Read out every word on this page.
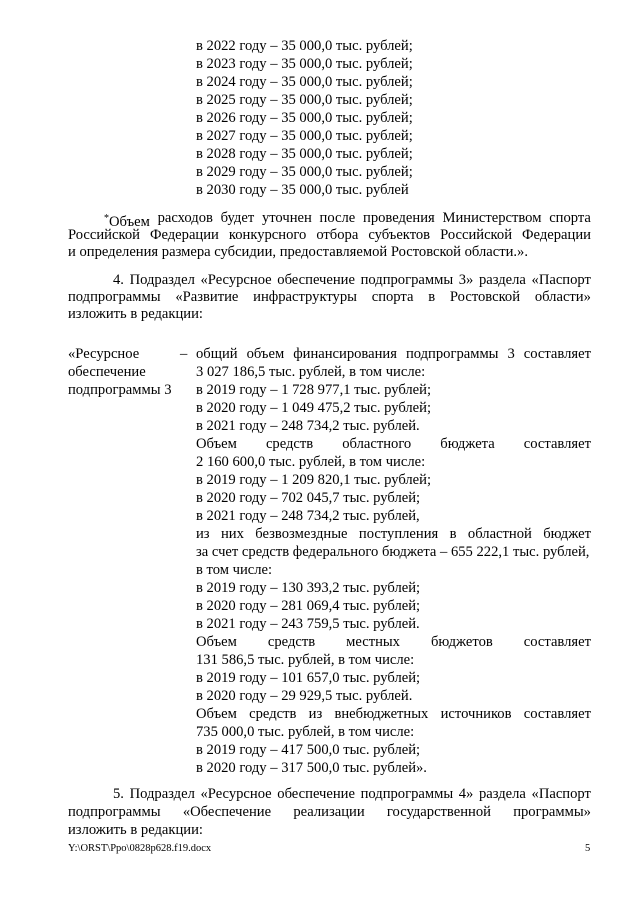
в 2022 году – 35 000,0 тыс. рублей;
в 2023 году – 35 000,0 тыс. рублей;
в 2024 году – 35 000,0 тыс. рублей;
в 2025 году – 35 000,0 тыс. рублей;
в 2026 году – 35 000,0 тыс. рублей;
в 2027 году – 35 000,0 тыс. рублей;
в 2028 году – 35 000,0 тыс. рублей;
в 2029 году – 35 000,0 тыс. рублей;
в 2030 году – 35 000,0 тыс. рублей
*Объем расходов будет уточнен после проведения Министерством спорта
Российской Федерации конкурсного отбора субъектов Российской Федерации
и определения размера субсидии, предоставляемой Ростовской области.».
4. Подраздел «Ресурсное обеспечение подпрограммы 3» раздела «Паспорт
подпрограммы «Развитие инфраструктуры спорта в Ростовской области»
изложить в редакции:
«Ресурсное
обеспечение
подпрограммы 3
– общий объем финансирования подпрограммы 3 составляет
3 027 186,5 тыс. рублей, в том числе:
в 2019 году – 1 728 977,1 тыс. рублей;
в 2020 году – 1 049 475,2 тыс. рублей;
в 2021 году – 248 734,2 тыс. рублей.
Объем средств областного бюджета составляет
2 160 600,0 тыс. рублей, в том числе:
в 2019 году – 1 209 820,1 тыс. рублей;
в 2020 году – 702 045,7 тыс. рублей;
в 2021 году – 248 734,2 тыс. рублей,
из них безвозмездные поступления в областной бюджет
за счет средств федерального бюджета – 655 222,1 тыс. рублей,
в том числе:
в 2019 году – 130 393,2 тыс. рублей;
в 2020 году – 281 069,4 тыс. рублей;
в 2021 году – 243 759,5 тыс. рублей.
Объем средств местных бюджетов составляет
131 586,5 тыс. рублей, в том числе:
в 2019 году – 101 657,0 тыс. рублей;
в 2020 году – 29 929,5 тыс. рублей.
Объем средств из внебюджетных источников составляет
735 000,0 тыс. рублей, в том числе:
в 2019 году – 417 500,0 тыс. рублей;
в 2020 году – 317 500,0 тыс. рублей».
5. Подраздел «Ресурсное обеспечение подпрограммы 4» раздела «Паспорт
подпрограммы «Обеспечение реализации государственной программы»
изложить в редакции:
Y:\ORST\Ppo\0828p628.f19.docx	5
